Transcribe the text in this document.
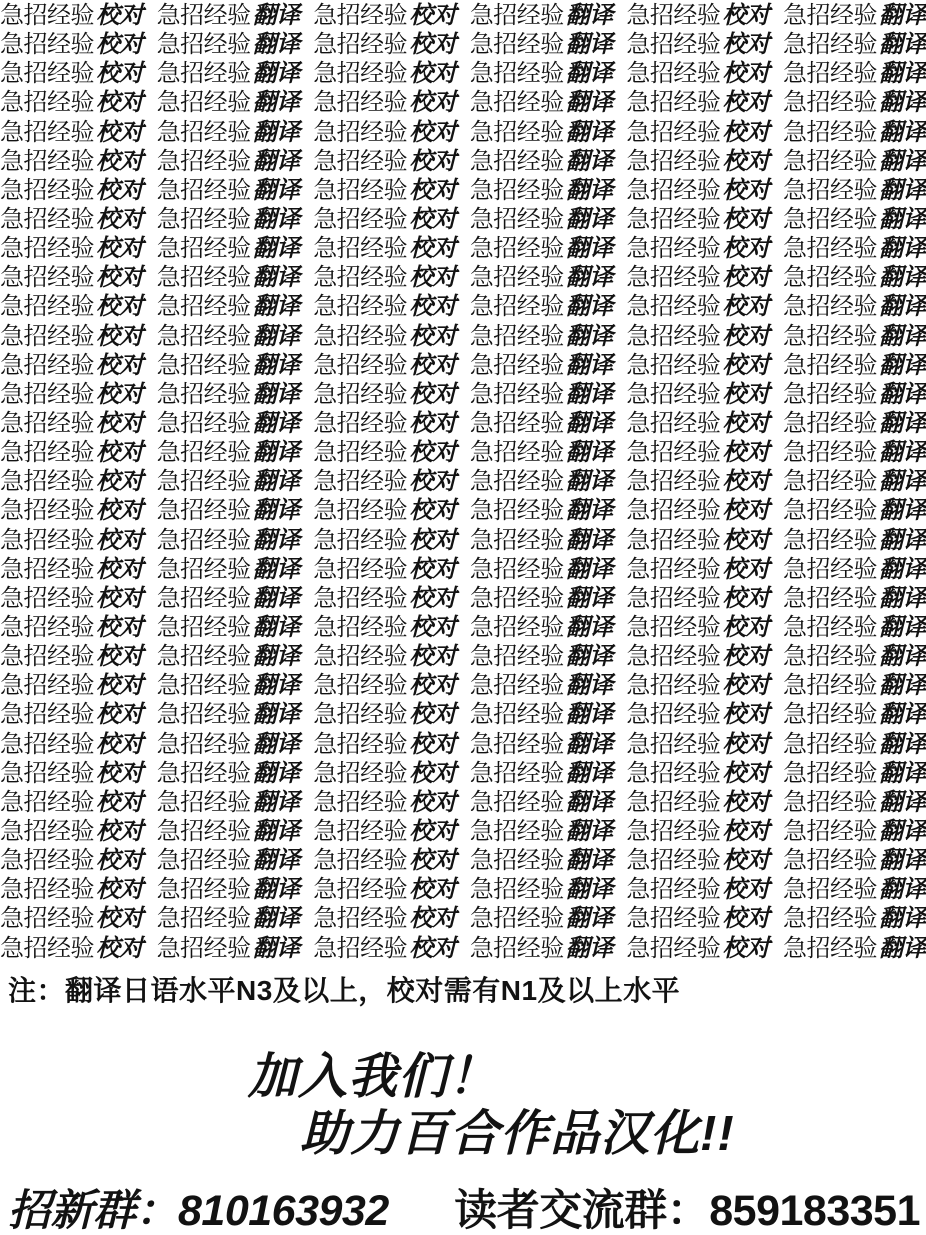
急招经验 校对 急招经验 翻译 急招经验 校对 急招经验 翻译 急招经验 校对 急招经验 翻译
急招经验 校对 急招经验 翻译 急招经验 校对 急招经验 翻译 急招经验 校对 急招经验 翻译
急招经验 校对 急招经验 翻译 急招经验 校对 急招经验 翻译 急招经验 校对 急招经验 翻译
急招经验 校对 急招经验 翻译 急招经验 校对 急招经验 翻译 急招经验 校对 急招经验 翻译
急招经验 校对 急招经验 翻译 急招经验 校对 急招经验 翻译 急招经验 校对 急招经验 翻译
急招经验 校对 急招经验 翻译 急招经验 校对 急招经验 翻译 急招经验 校对 急招经验 翻译
急招经验 校对 急招经验 翻译 急招经验 校对 急招经验 翻译 急招经验 校对 急招经验 翻译
急招经验 校对 急招经验 翻译 急招经验 校对 急招经验 翻译 急招经验 校对 急招经验 翻译
急招经验 校对 急招经验 翻译 急招经验 校对 急招经验 翻译 急招经验 校对 急招经验 翻译
急招经验 校对 急招经验 翻译 急招经验 校对 急招经验 翻译 急招经验 校对 急招经验 翻译
急招经验 校对 急招经验 翻译 急招经验 校对 急招经验 翻译 急招经验 校对 急招经验 翻译
急招经验 校对 急招经验 翻译 急招经验 校对 急招经验 翻译 急招经验 校对 急招经验 翻译
急招经验 校对 急招经验 翻译 急招经验 校对 急招经验 翻译 急招经验 校对 急招经验 翻译
急招经验 校对 急招经验 翻译 急招经验 校对 急招经验 翻译 急招经验 校对 急招经验 翻译
急招经验 校对 急招经验 翻译 急招经验 校对 急招经验 翻译 急招经验 校对 急招经验 翻译
急招经验 校对 急招经验 翻译 急招经验 校对 急招经验 翻译 急招经验 校对 急招经验 翻译
急招经验 校对 急招经验 翻译 急招经验 校对 急招经验 翻译 急招经验 校对 急招经验 翻译
急招经验 校对 急招经验 翻译 急招经验 校对 急招经验 翻译 急招经验 校对 急招经验 翻译
急招经验 校对 急招经验 翻译 急招经验 校对 急招经验 翻译 急招经验 校对 急招经验 翻译
急招经验 校对 急招经验 翻译 急招经验 校对 急招经验 翻译 急招经验 校对 急招经验 翻译
急招经验 校对 急招经验 翻译 急招经验 校对 急招经验 翻译 急招经验 校对 急招经验 翻译
急招经验 校对 急招经验 翻译 急招经验 校对 急招经验 翻译 急招经验 校对 急招经验 翻译
急招经验 校对 急招经验 翻译 急招经验 校对 急招经验 翻译 急招经验 校对 急招经验 翻译
急招经验 校对 急招经验 翻译 急招经验 校对 急招经验 翻译 急招经验 校对 急招经验 翻译
急招经验 校对 急招经验 翻译 急招经验 校对 急招经验 翻译 急招经验 校对 急招经验 翻译
急招经验 校对 急招经验 翻译 急招经验 校对 急招经验 翻译 急招经验 校对 急招经验 翻译
急招经验 校对 急招经验 翻译 急招经验 校对 急招经验 翻译 急招经验 校对 急招经验 翻译
急招经验 校对 急招经验 翻译 急招经验 校对 急招经验 翻译 急招经验 校对 急招经验 翻译
急招经验 校对 急招经验 翻译 急招经验 校对 急招经验 翻译 急招经验 校对 急招经验 翻译
急招经验 校对 急招经验 翻译 急招经验 校对 急招经验 翻译 急招经验 校对 急招经验 翻译
急招经验 校对 急招经验 翻译 急招经验 校对 急招经验 翻译 急招经验 校对 急招经验 翻译
急招经验 校对 急招经验 翻译 急招经验 校对 急招经验 翻译 急招经验 校对 急招经验 翻译
急招经验 校对 急招经验 翻译 急招经验 校对 急招经验 翻译 急招经验 校对 急招经验 翻译
注：翻译日语水平N3及以上，校对需有N1及以上水平
加入我们！
助力百合作品汉化!!
招新群：810163932 读者交流群：859183351
